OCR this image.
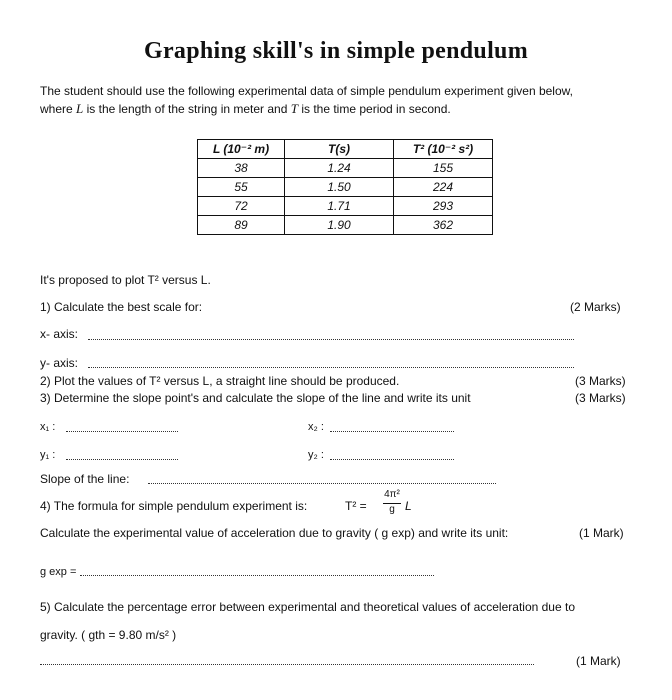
Graphing skill's in simple pendulum
The student should use the following experimental data of simple pendulum experiment given below,
where L is the length of the string in meter and T is the time period in second.
L (10⁻² m)	T(s)	T² (10⁻² s²)
38	1.24	155
55	1.50	224
72	1.71	293
89	1.90	362
It's proposed to plot T² versus L.
1) Calculate the best scale for:	(2 Marks)
x- axis:
y- axis:
2) Plot the values of T² versus L, a straight line should be produced.	(3 Marks)
3) Determine the slope point's and calculate the slope of the line and write its unit	(3 Marks)
x₁ :	x₂ :
y₁ :	y₂ :
Slope of the line:
4) The formula for simple pendulum experiment is:	T² =
4π²
g L
Calculate the experimental value of acceleration due to gravity ( g exp) and write its unit:	(1 Mark)
g exp =
5) Calculate the percentage error between experimental and theoretical values of acceleration due to
gravity. ( gth = 9.80 m/s² )
(1 Mark)
